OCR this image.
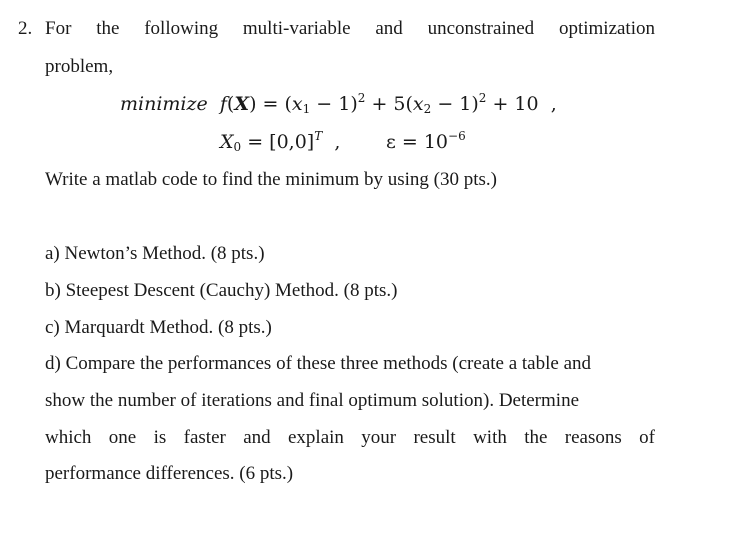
2. For the following multi-variable and unconstrained optimization
problem,
minimize $f(X) = (x_1 - 1)^2 + 5(x_2 - 1)^2 + 10$  ,
$X_0 = [0,0]^T$  , $\varepsilon = 10^{-6}$
Write a matlab code to find the minimum by using (30 pts.)
a) Newton’s Method. (8 pts.)
b) Steepest Descent (Cauchy) Method. (8 pts.)
c) Marquardt Method. (8 pts.)
d) Compare the performances of these three methods (create a table and
show the number of iterations and final optimum solution). Determine
which one is faster and explain your result with the reasons of
performance differences. (6 pts.)
